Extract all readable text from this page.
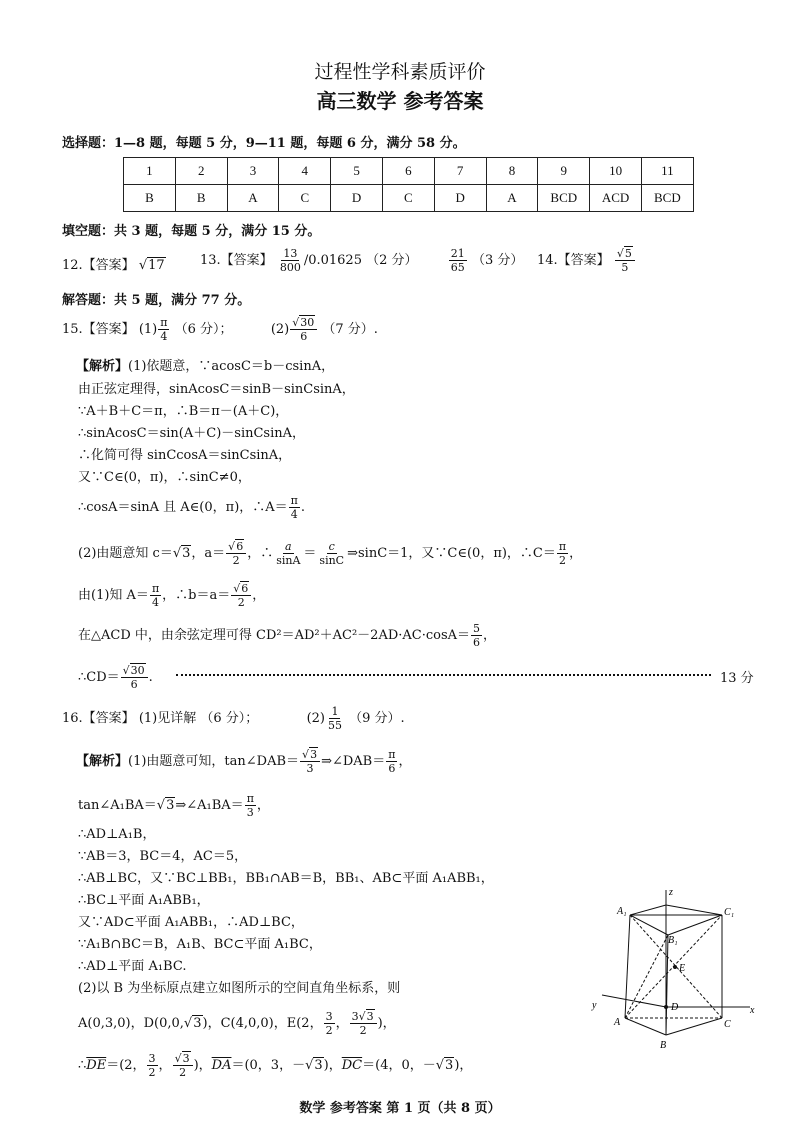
过程性学科素质评价
高三数学 参考答案
选择题：1—8 题，每题 5 分，9—11 题，每题 6 分，满分 58 分。
1	2	3	4	5	6	7	8	9	10	11
B	B	A	C	D	C	D	A	BCD	ACD	BCD
填空题：共 3 题，每题 5 分，满分 15 分。
12.【答案】 √17	13.【答案】 $\frac{13}{800} /0.01625$ （2 分）	$\frac{21}{65} (3$ 分） 14.【答案】 $\frac{√5}{5}$
解答题：共 5 题，满分 77 分。
15.【答案】 $(1) \frac{\pi}{4} (6$ 分）；	$(2) \frac{√30}{6} (7$ 分）.
【解析】(1)依题意，∵acosC＝b－csinA，
由正弦定理得，sinAcosC＝sinB－sinCsinA，
∵A＋B＋C＝π，∴B＝π－(A＋C)，
∴sinAcosC＝sin(A＋C)－sinCsinA，
∴化简可得 sinCcosA＝sinCsinA，
又∵C∈(0，π)，∴sinC≠0，
∴cosA＝sinA 且 A∈(0，π)，∴A＝ $\frac{\pi}{4}$ .
(2)由题意知 c＝√3，$a= \frac{√6}{2}$ ，∴ $\frac{a}{\sin A} = \frac{c}{\sin C}$ ⇒sinC＝1，又∵C∈(0，π)，∴C＝ $\frac{\pi}{2}$ ，
由(1)知 $A= \frac{\pi}{4}$ ，∴b＝a＝ $\frac{√6}{2}$ ，
在△ACD 中，由余弦定理可得 $CD^2=AD^2+AC^2-2AD\cdot AC\cdot\cos A= \frac{5}{6}$ ，
∴CD＝ $\frac{√30}{6}$ .	13 分
16.【答案】 (1)见详解 （6 分）；	$(2) \frac{1}{55} (9$ 分）.
【解析】(1)由题意可知，tan∠DAB＝ $\frac{√3}{3}$ ⇒∠DAB＝ $\frac{\pi}{6}$ ，
tan∠A₁BA＝√3⇒∠A₁BA＝ $\frac{\pi}{3}$ ，
∴AD⊥A₁B，
∵AB＝3，BC＝4，AC＝5，
∴AB⊥BC，又∵BC⊥BB₁，BB₁∩AB＝B，BB₁、AB⊂平面 A₁ABB₁，
∴BC⊥平面 A₁ABB₁，
又∵AD⊂平面 A₁ABB₁，∴AD⊥BC，
∵A₁B∩BC＝B，A₁B、BC⊂平面 A₁BC，
∴AD⊥平面 A₁BC.
(2)以 B 为坐标原点建立如图所示的空间直角坐标系，则
A(0,3,0)，D(0,0,√3)，C(4,0,0)，E(2， $\frac{3}{2}$ ， $\frac{3√3}{2}$ )，
$\therefore\overline{DE}=(2$， $\frac{3}{2}$ ， $\frac{√3}{2}$ )，$\overline{DA}=(0$，3，－√3)，$\overline{DC}=(4$，0，－√3)，
z
A₁
B₁
C₁
E
D
A
B
C
x
y
数学 参考答案 第 1 页（共 8 页）
